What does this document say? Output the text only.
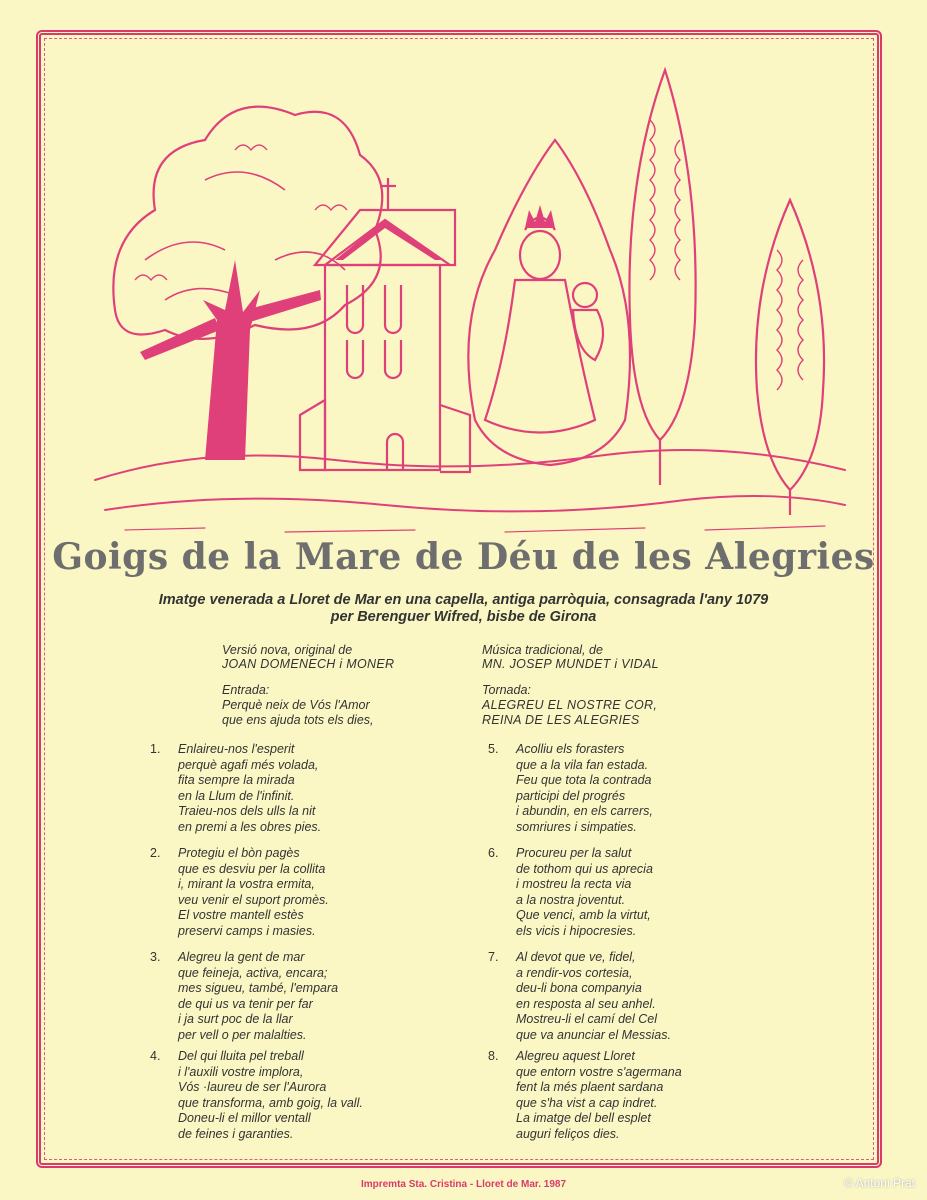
Goigs de la Mare de Déu de les Alegries
Imatge venerada a Lloret de Mar en una capella, antiga parròquia, consagrada l'any 1079
per Berenguer Wifred, bisbe de Girona
Versió nova, original de
JOAN DOMENECH i MONER
Entrada:
Perquè neix de Vós l'Amor
que ens ajuda tots els dies,
Música tradicional, de
MN. JOSEP MUNDET i VIDAL
Tornada:
ALEGREU EL NOSTRE COR,
REINA DE LES ALEGRIES
1. Enlaireu-nos l'esperit
perquè agafi més volada,
fita sempre la mirada
en la Llum de l'infinit.
Traieu-nos dels ulls la nit
en premi a les obres pies.
2. Protegiu el bòn pagès
que es desviu per la collita
i, mirant la vostra ermita,
veu venir el suport promès.
El vostre mantell estès
preservi camps i masies.
3. Alegreu la gent de mar
que feineja, activa, encara;
mes sigueu, també, l'empara
de qui us va tenir per far
i ja surt poc de la llar
per vell o per malalties.
4. Del qui lluita pel treball
i l'auxili vostre implora,
Vós ·laureu de ser l'Aurora
que transforma, amb goig, la vall.
Doneu-li el millor ventall
de feines i garanties.
5. Acolliu els forasters
que a la vila fan estada.
Feu que tota la contrada
participi del progrés
i abundin, en els carrers,
somriures i simpaties.
6. Procureu per la salut
de tothom qui us aprecia
i mostreu la recta via
a la nostra joventut.
Que venci, amb la virtut,
els vicis i hipocresies.
7. Al devot que ve, fidel,
a rendir-vos cortesia,
deu-li bona companyia
en resposta al seu anhel.
Mostreu-li el camí del Cel
que va anunciar el Messias.
8. Alegreu aquest Lloret
que entorn vostre s'agermana
fent la més plaent sardana
que s'ha vist a cap indret.
La imatge del bell esplet
auguri feliços dies.
Impremta Sta. Cristina - Lloret de Mar. 1987	© Antoni Prat
